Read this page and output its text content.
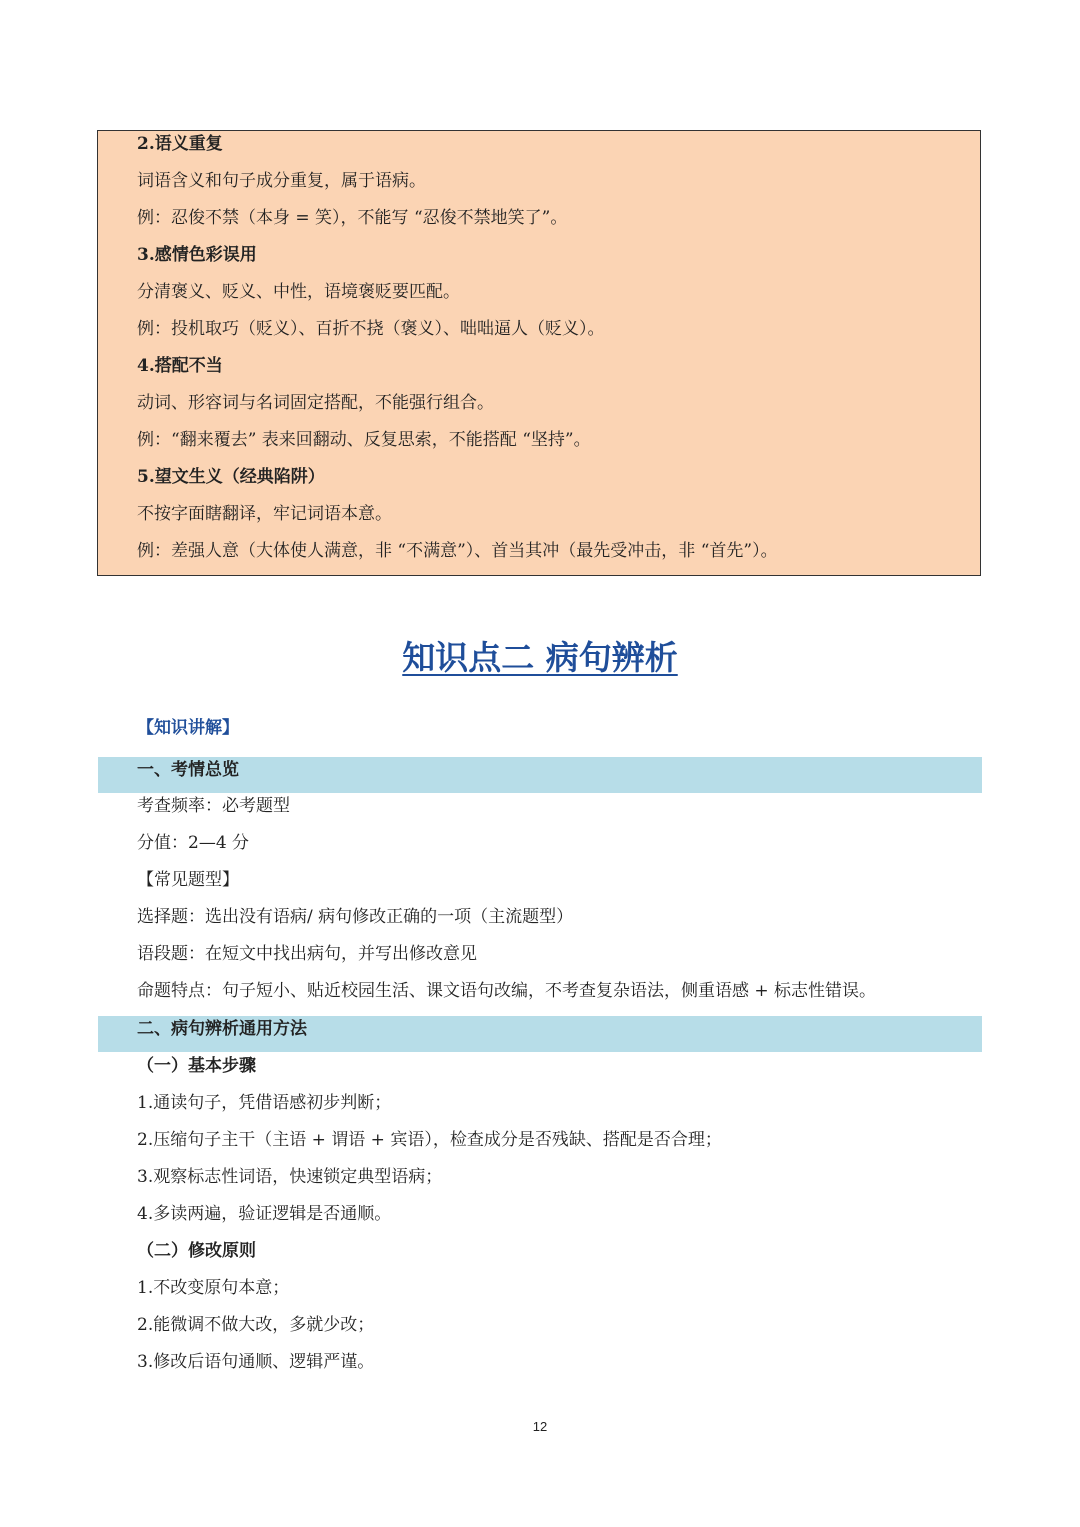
2.语义重复
词语含义和句子成分重复，属于语病。
例：忍俊不禁（本身 = 笑），不能写 “忍俊不禁地笑了”。
3.感情色彩误用
分清褒义、贬义、中性，语境褒贬要匹配。
例：投机取巧（贬义）、百折不挠（褒义）、咄咄逼人（贬义）。
4.搭配不当
动词、形容词与名词固定搭配，不能强行组合。
例：“翻来覆去” 表来回翻动、反复思索，不能搭配 “坚持”。
5.望文生义（经典陷阱）
不按字面瞎翻译，牢记词语本意。
例：差强人意（大体使人满意，非 “不满意”）、首当其冲（最先受冲击，非 “首先”）。
知识点二 病句辨析
【知识讲解】
一、考情总览
考查频率：必考题型
分值：2—4 分
【常见题型】
选择题：选出没有语病/ 病句修改正确的一项（主流题型）
语段题：在短文中找出病句，并写出修改意见
命题特点：句子短小、贴近校园生活、课文语句改编，不考查复杂语法，侧重语感 + 标志性错误。
二、病句辨析通用方法
（一）基本步骤
1.通读句子，凭借语感初步判断；
2.压缩句子主干（主语 + 谓语 + 宾语），检查成分是否残缺、搭配是否合理；
3.观察标志性词语，快速锁定典型语病；
4.多读两遍，验证逻辑是否通顺。
（二）修改原则
1.不改变原句本意；
2.能微调不做大改，多就少改；
3.修改后语句通顺、逻辑严谨。
12
